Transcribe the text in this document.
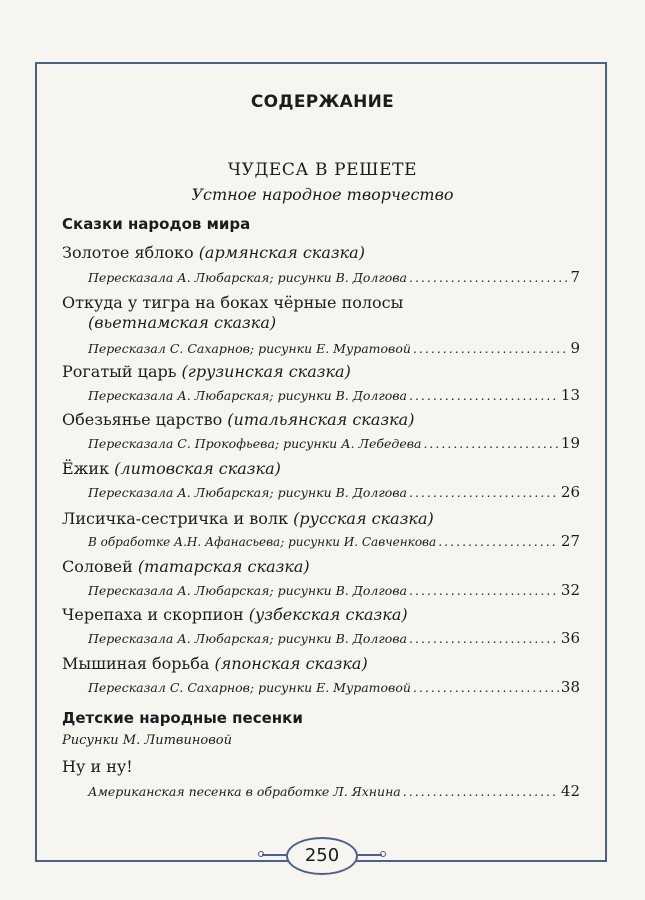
СОДЕРЖАНИЕ
ЧУДЕСА В РЕШЕТЕ
Устное народное творчество
Сказки народов мира
Золотое яблоко (армянская сказка)
Пересказала А. Любарская; рисунки В. Долгова .....	7
Откуда у тигра на боках чёрные полосы
(вьетнамская сказка)
Пересказал С. Сахарнов; рисунки Е. Муратовой .....	9
Рогатый царь (грузинская сказка)
Пересказала А. Любарская; рисунки В. Долгова .....	13
Обезьянье царство (итальянская сказка)
Пересказала С. Прокофьева; рисунки А. Лебедева .....	19
Ёжик (литовская сказка)
Пересказала А. Любарская; рисунки В. Долгова .....	26
Лисичка-сестричка и волк (русская сказка)
В обработке А.Н. Афанасьева; рисунки И. Савченкова .....	27
Соловей (татарская сказка)
Пересказала А. Любарская; рисунки В. Долгова .....	32
Черепаха и скорпион (узбекская сказка)
Пересказала А. Любарская; рисунки В. Долгова .....	36
Мышиная борьба (японская сказка)
Пересказал С. Сахарнов; рисунки Е. Муратовой .....	38
Детские народные песенки
Рисунки М. Литвиновой
Ну и ну!
Американская песенка в обработке Л. Яхнина .....	42
250
